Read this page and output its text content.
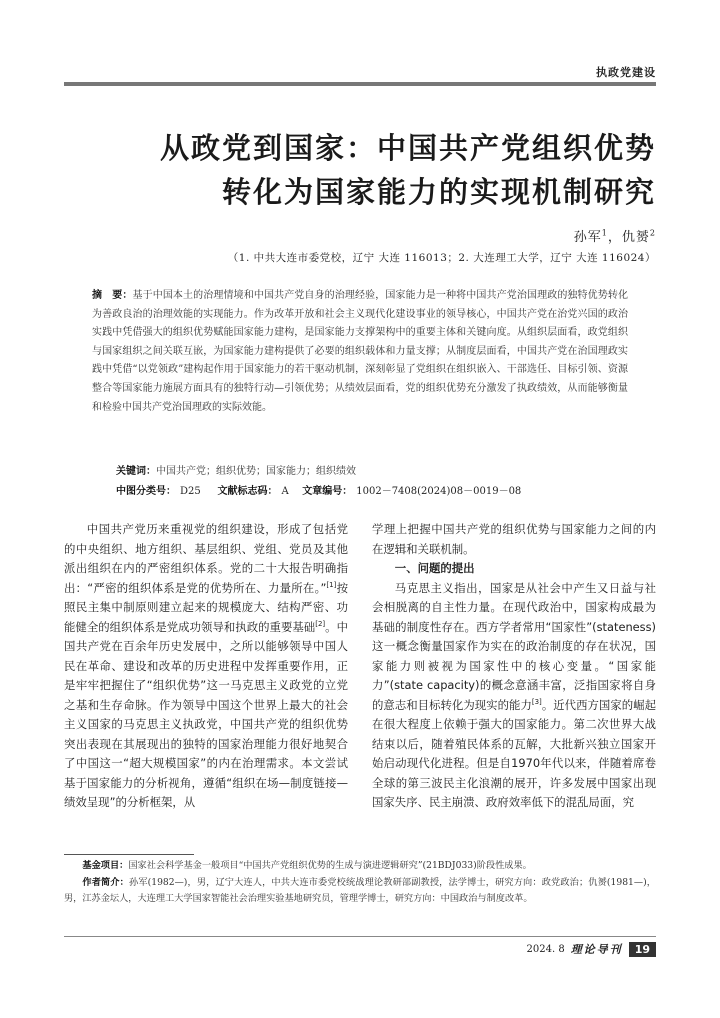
执政党建设
从政党到国家：中国共产党组织优势
转化为国家能力的实现机制研究
孙军$^1$，仇赟$^2$
（1. 中共大连市委党校，辽宁 大连 116013；2. 大连理工大学，辽宁 大连 116024）
摘　要：基于中国本土的治理情境和中国共产党自身的治理经验，国家能力是一种将中国共产党治国理政的独特优势转化为善政良治的治理效能的实现能力。作为改革开放和社会主义现代化建设事业的领导核心，中国共产党在治党兴国的政治实践中凭借强大的组织优势赋能国家能力建构，是国家能力支撑架构中的重要主体和关键向度。从组织层面看，政党组织与国家组织之间关联互嵌，为国家能力建构提供了必要的组织载体和力量支撑；从制度层面看，中国共产党在治国理政实践中凭借“以党领政”建构起作用于国家能力的若干驱动机制，深刻彰显了党组织在组织嵌入、干部选任、目标引领、资源整合等国家能力施展方面具有的独特行动—引领优势；从绩效层面看，党的组织优势充分激发了执政绩效，从而能够衡量和检验中国共产党治国理政的实际效能。
关键词：中国共产党；组织优势；国家能力；组织绩效
中图分类号： D25 文献标志码： A 文章编号： 1002－7408(2024)08－0019－08

中国共产党历来重视党的组织建设，形成了包括党的中央组织、地方组织、基层组织、党组、党员及其他派出组织在内的严密组织体系。党的二十大报告明确指出：“严密的组织体系是党的优势所在、力量所在。”[1]按照民主集中制原则建立起来的规模庞大、结构严密、功能健全的组织体系是党成功领导和执政的重要基础[2]。中国共产党在百余年历史发展中，之所以能够领导中国人民在革命、建设和改革的历史进程中发挥重要作用，正是牢牢把握住了“组织优势”这一马克思主义政党的立党之基和生存命脉。作为领导中国这个世界上最大的社会主义国家的马克思主义执政党，中国共产党的组织优势突出表现在其展现出的独特的国家治理能力很好地契合了中国这一“超大规模国家”的内在治理需求。本文尝试基于国家能力的分析视角，遵循“组织在场—制度链接—绩效呈现”的分析框架，从

学理上把握中国共产党的组织优势与国家能力之间的内在逻辑和关联机制。

一、问题的提出

马克思主义指出，国家是从社会中产生又日益与社会相脱离的自主性力量。在现代政治中，国家构成最为基础的制度性存在。西方学者常用“国家性”(stateness)这一概念衡量国家作为实在的政治制度的存在状况，国家能力则被视为国家性中的核心变量。“国家能力”(state capacity)的概念意涵丰富，泛指国家将自身的意志和目标转化为现实的能力[3]。近代西方国家的崛起在很大程度上依赖于强大的国家能力。第二次世界大战结束以后，随着殖民体系的瓦解，大批新兴独立国家开始启动现代化进程。但是自1970年代以来，伴随着席卷全球的第三波民主化浪潮的展开，许多发展中国家出现国家失序、民主崩溃、政府效率低下的混乱局面，究

基金项目：国家社会科学基金一般项目“中国共产党组织优势的生成与演进逻辑研究”(21BDJ033)阶段性成果。

作者简介：孙军(1982—)，男，辽宁大连人，中共大连市委党校统战理论教研部副教授，法学博士，研究方向：政党政治；仇赟(1981—)，男，江苏金坛人，大连理工大学国家智能社会治理实验基地研究员，管理学博士，研究方向：中国政治与制度改革。

2024. 8 理论导刊	19
